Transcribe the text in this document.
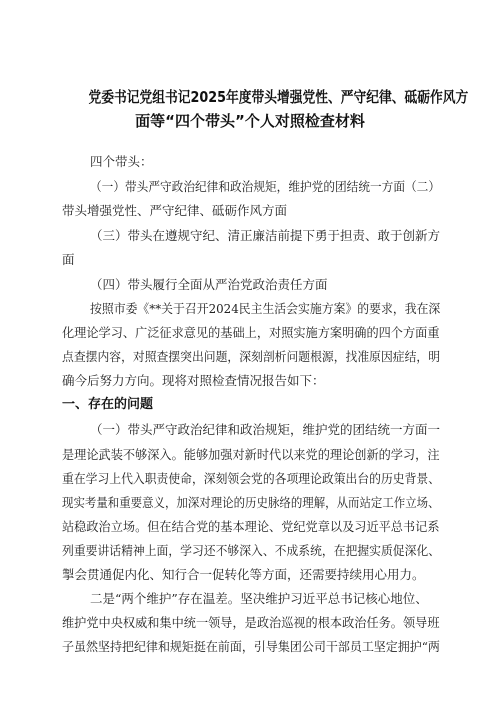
党委书记党组书记2025年度带头增强党性、严守纪律、砥砺作风方
面等“四个带头”个人对照检查材料

四个带头：

（一）带头严守政治纪律和政治规矩，维护党的团结统一方面（二）

带头增强党性、严守纪律、砥砺作风方面

（三）带头在遵规守纪、清正廉洁前提下勇于担责、敢于创新方

面

（四）带头履行全面从严治党政治责任方面

按照市委《**关于召开2024民主生活会实施方案》的要求，我在深

化理论学习、广泛征求意见的基础上，对照实施方案明确的四个方面重

点查摆内容，对照查摆突出问题，深刻剖析问题根源，找准原因症结，明

确今后努力方向。现将对照检查情况报告如下：

一、存在的问题

（一）带头严守政治纪律和政治规矩，维护党的团结统一方面一

是理论武装不够深入。能够加强对新时代以来党的理论创新的学习，注

重在学习上代入职责使命，深刻领会党的各项理论政策出台的历史背景、

现实考量和重要意义，加深对理论的历史脉络的理解，从而站定工作立场、

站稳政治立场。但在结合党的基本理论、党纪党章以及习近平总书记系

列重要讲话精神上面，学习还不够深入、不成系统，在把握实质促深化、

掣会贯通促内化、知行合一促转化等方面，还需要持续用心用力。

二是“两个维护”存在温差。坚决维护习近平总书记核心地位、

维护党中央权威和集中统一领导，是政治巡视的根本政治任务。领导班

子虽然坚持把纪律和规矩挺在前面，引导集团公司干部员工坚定拥护“两
